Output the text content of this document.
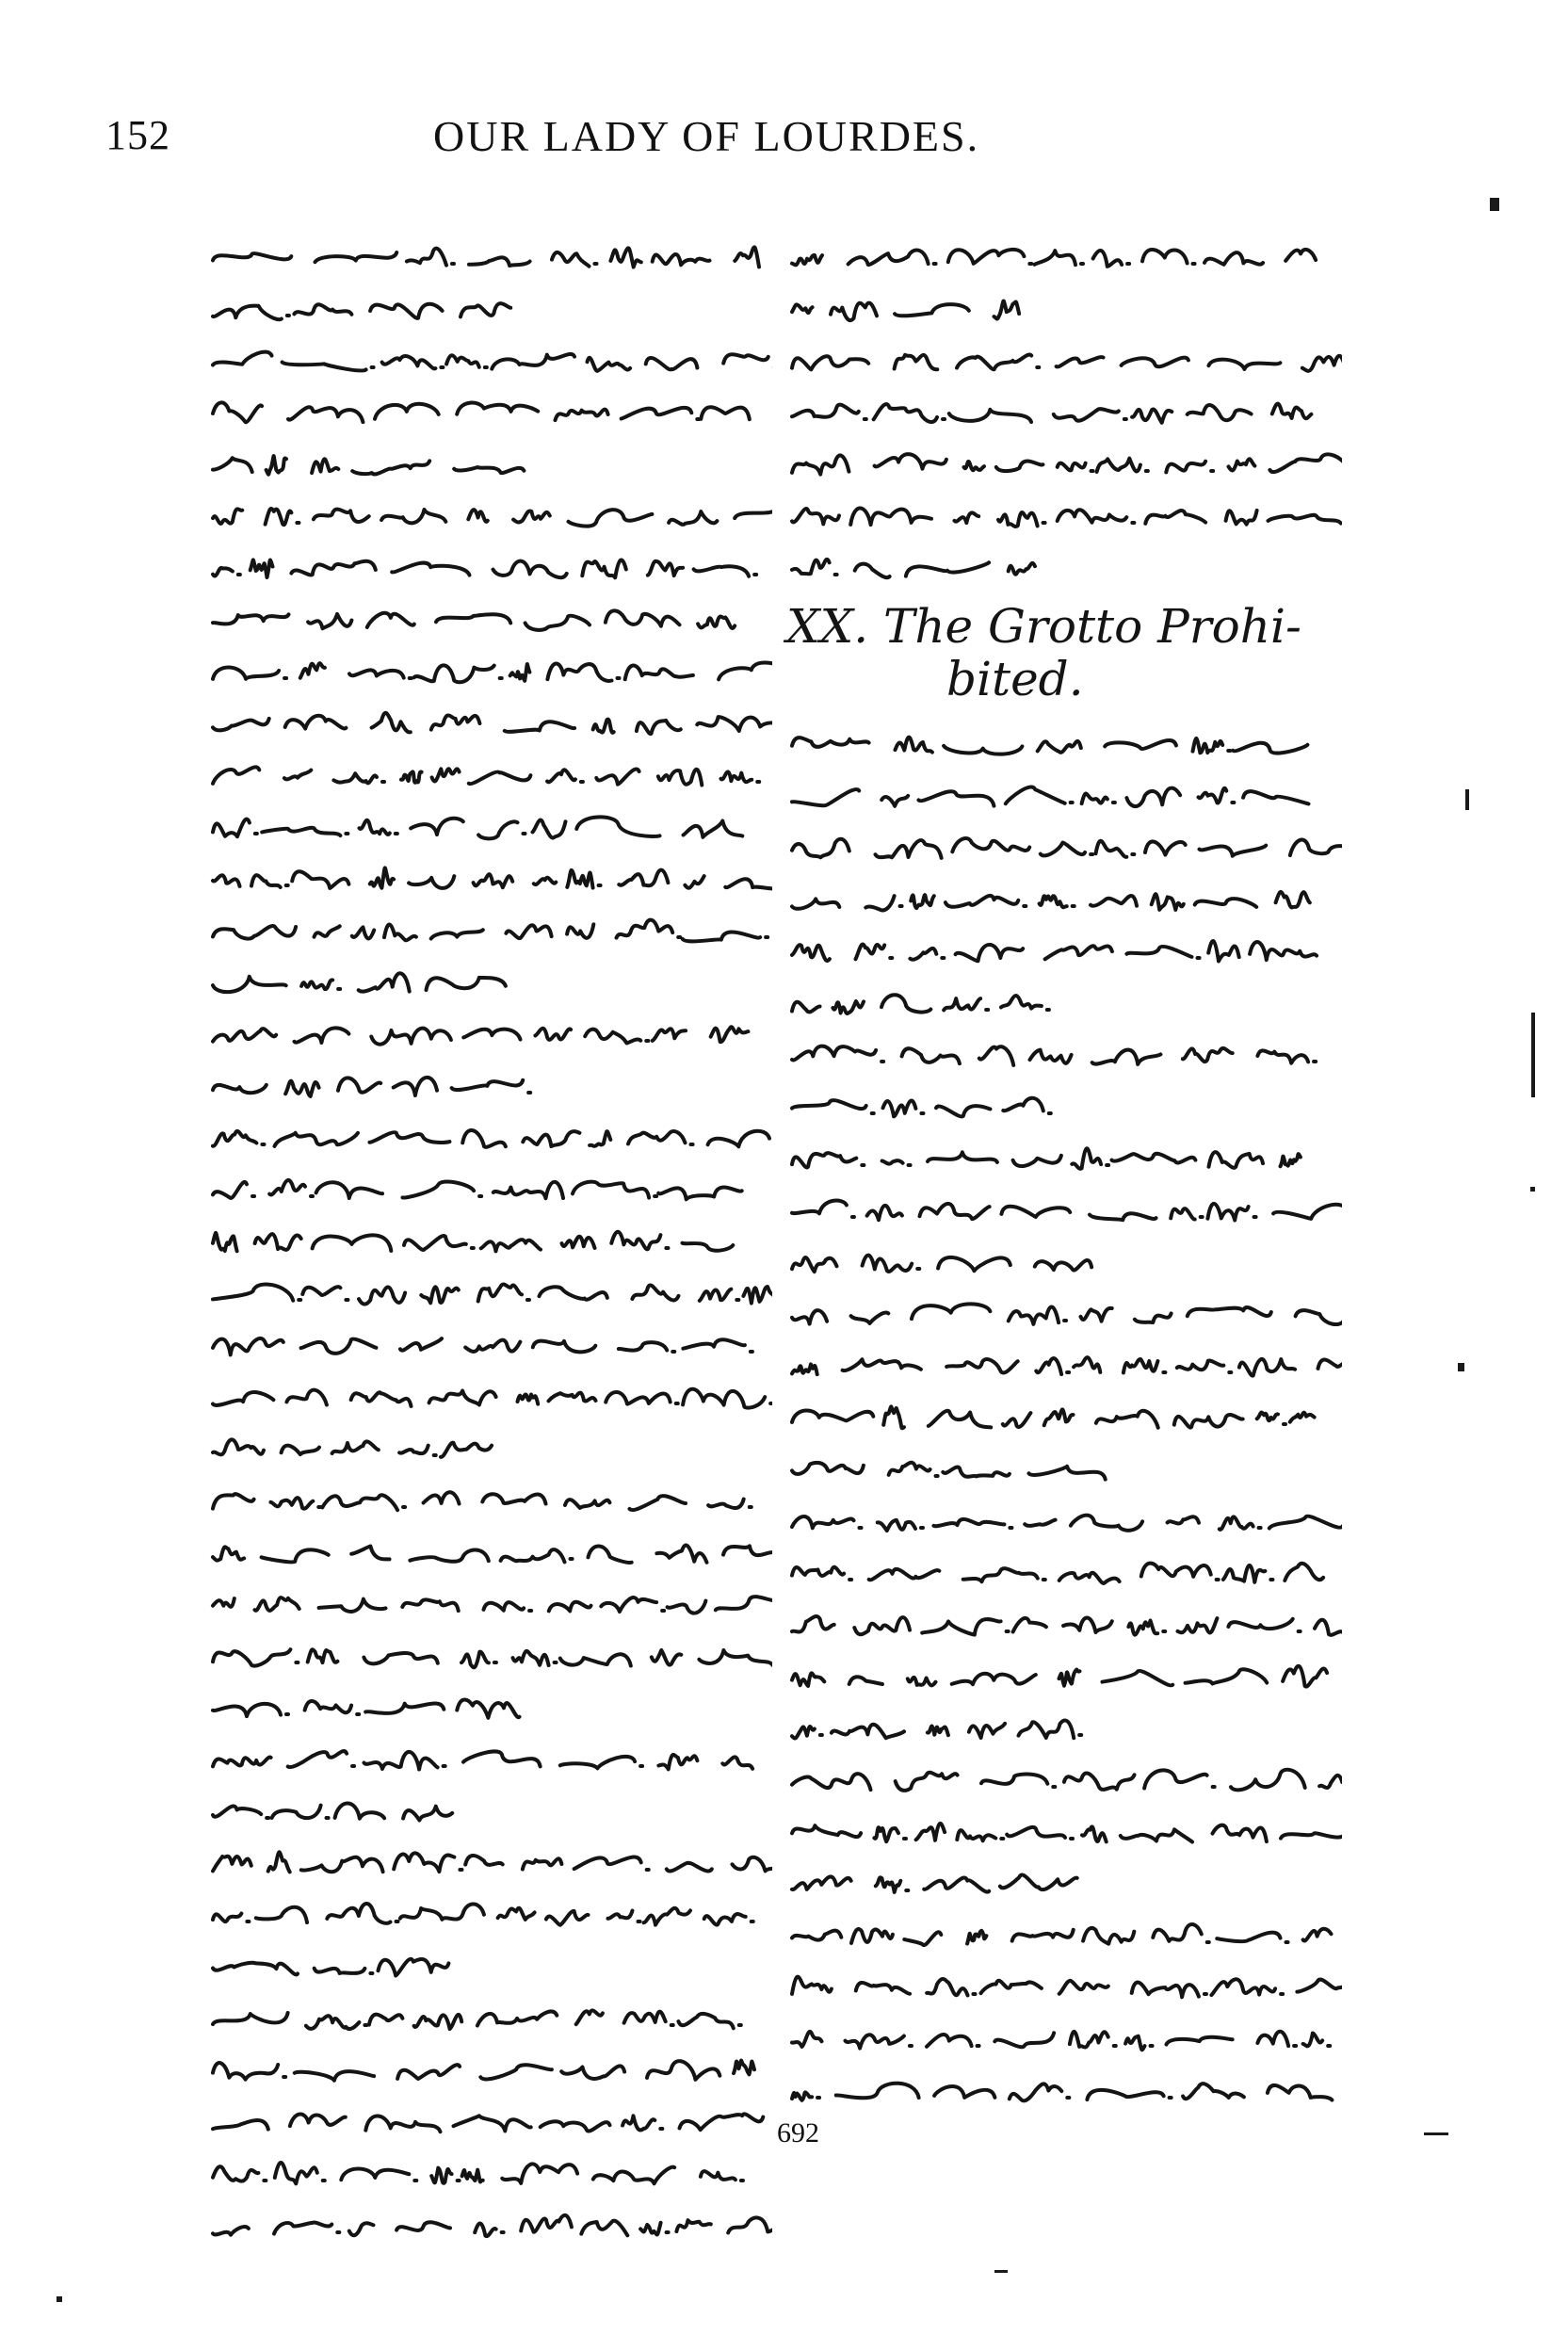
152	OUR LADY OF LOURDES.
XX. The Grotto Prohi-
bited.
692
